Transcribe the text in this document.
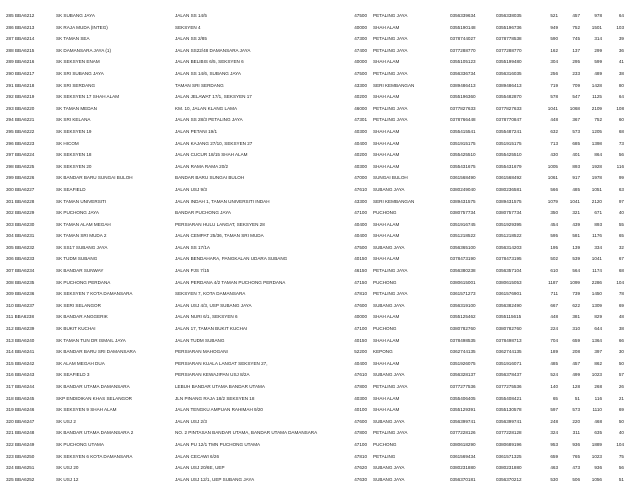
285 BBA6212	SK SUBANG JAYA	JALAN SS 14/5	47500 PETALING JAYA	0356339634	0356338035	521	457	978	64
286 BBA6213	SK RAJA MUDA (INTEG)	SEKSYEN 4	40000 SHAH ALAM	0355190148	0355196736	949	752	1501	103
287 BBA6214	SK TAMAN SEA	JALAN SS 2/85	47300 PETALING JAYA	0378744027	0378778538	590	745	314	39
288 BBA6215	SK DAMANSARA JAYA (1)	JALAN SS22/48 DAMANSARA JAYA	47400 PETALING JAYA	0377288770	0377288770	162	137	299	36
289 BBA6216	SK SEKSYEN ENAM	JALAN BELIBIS 6/5, SEKSYEN 6	40000 SHAH ALAM	0355105123	0355199480	304	295	599	41
290 BBA6217	SK SRI SUBANG JAYA	JALAN SS 14/6, SUBANG JAYA	47500 PETALING JAYA	0356336734	0356316035	256	233	489	38
291 BBA6218	SK SRI SERDANG	TAMAN SRI SERDANG	43300 SERI KEMBANGAN	0389486413	0389486413	719	709	1428	80
292 BBA6219	SK SEKSYEN 17 SHAH ALAM	JALAN JELAWAT 17/1, SEKSYEN 17	40200 SHAH ALAM	0355196360	0355482870	578	547	1125	64
293 BBA6220	SK TAMAN MEDAN	KM. 10, JALAN KLANG LAMA	46000 PETALING JAYA	0377827633	0377827633	1041	1068	2109	108
294 BBA6221	SK SRI KELANA	JALAN SS 28/3 PETALING JAYA	47301 PETALING JAYA	0378766448	0378770847	448	367	752	60
295 BBA6222	SK SEKSYEN 19	JALAN PETANI 19/1	40300 SHAH ALAM	0355415541	0355487241	632	573	1205	68
296 BBA6223	SK HICOM	JALAN KAJANG 27/10, SEKSYEN 27	40400 SHAH ALAM	0351915175	0351915175	713	685	1398	73
297 BBA6224	SK SEKSYEN 18	JALAN CUCUR 18/15 SHAH ALAM	40200 SHAH ALAM	0355425510	0355425510	430	401	864	56
298 BBA6225	SK SEKSYEN 20	JALAN RAMA RAMA 20/2	40300 SHAH ALAM	0355431675	0355431679	1005	893	1928	116
299 BBA6226	SK BANDAR BARU SUNGAI BULOH	BANDAR BARU SUNGAI BULOH	47000 SUNGAI BULOH	0361568490	0361568492	1061	917	1978	99
300 BBA6227	SK SEAFIELD	JALAN USJ 9/3	47610 SUBANG JAYA	0380249040	0380236581	566	485	1051	63
301 BBA6228	SK TAMAN UNIVERSITI	JALAN INDAH 1, TAMAN UNIVERSITI INDAH	43300 SERI KEMBANGAN	0389431575	0389431575	1079	1041	2120	97
302 BBA6229	SK PUCHONG JAYA	BANDAR PUCHONG JAYA	47100 PUCHONG	0380757734	0380757734	350	321	671	40
303 BBA6230	SK TAMAN ALAM MEGAH	PERSIARAN HULU LANGAT, SEKSYEN 28	40400 SHAH ALAM	0351916745	0351929395	454	439	893	55
304 BBA6231	SK TAMAN SRI MUDA 2	JALAN CEMPAT 25/36, TAMAN SRI MUDA	40400 SHAH ALAM	0351218522	0351218522	595	581	1176	65
305 BBA6232	SK SS17 SUBANG JAYA	JALAN SS 17/1A	47500 SUBANG JAYA	0356365100	0356314203	195	139	334	32
306 BBA6233	SK TUDM SUBANG	JALAN BENDAHARA, PANGKALAN UDARA SUBANG	40150 SHAH ALAM	0378473190	0378473195	502	539	1041	67
307 BBA6234	SK BANDAR SUNWAY	JALAN PJS 7/15	46150 PETALING JAYA	0356380238	0356357104	610	564	1174	68
308 BBA6235	SK PUCHONG PERDANA	JALAN PERDANA 4/2 TAMAN PUCHONG PERDANA	47150 PUCHONG	0380615001	0380615053	1187	1099	2286	104
309 BBA6236	SK SEKSYEN 7 KOTA DAMANSARA	SEKSYEN 7, KOTA DAMANSARA	47810 PETALING JAYA	0361571273	0361576901	711	739	1450	78
310 BBA6237	SK SERI SELANGOR	JALAN USJ 4/3, USP SUBANG JAYA	47600 SUBANG JAYA	0356319100	0356382490	667	622	1309	69
311 BBA6238	SK BANDAR ANGGERIK	JALAN NURI 6/1, SEKSYEN 6	40000 SHAH ALAM	0355125462	0355115615	448	381	829	48
312 BBA6239	SK BUKIT KUCHAI	JALAN 17, TAMAN BUKIT KUCHAI	47100 PUCHONG	0380782760	0380782760	224	310	644	38
313 BBA6240	SK TAMAN TUN DR ISMAIL JAYA	JALAN TUDM SUBANG	40150 SHAH ALAM	0378498535	0378498713	704	659	1364	66
314 BBA6241	SK BANDAR BARU SRI DAMANSARA	PERSIARAN MAHOGANI	52200 KEPONG	0362744135	0362744135	189	208	397	30
315 BBA6242	SK ALAM MEGAH DUA	PERSIARAN KUALA LANGAT SEKSYEN 27,	40400 SHAH ALAM	0351926075	0351916071	485	457	862	50
316 BBA6243	SK SEAFIELD 3	PERSIARAN KEWAJIPAN USJ 8/2A	47610 SUBANG JAYA	0356328137	0356378437	524	499	1023	57
317 BBA6244	SK BANDAR UTAMA DAMANSARA	LEBUH BANDAR UTAMA BANDAR UTAMA	47800 PETALING JAYA	0377277536	0377275536	140	128	268	26
318 BBA6245	SKP ENDIDIKAN KHAS SELANGOR	JLN PINANG RAJA 18/2 SEKSYEN 18	40300 SHAH ALAM	0355406405	0355408421	65	51	116	21
319 BBA6246	SK SEKSYEN 9 SHAH ALAM	JALAN TENGKU AMPUAN RAHIMAH 9/20	40100 SHAH ALAM	0355129391	0355130578	597	573	1110	69
320 BBA6247	SK USJ 2	JALAN USJ 2/3	47600 SUBANG JAYA	0356399741	0356399741	248	220	468	50
321 BBA6248	SK BANDAR UTAMA DAMANSARA 2	NO. 2 PINTASAN BANDAR UTAMA, BANDAR UTAMA DAMANSARA	47800 PETALING JAYA	0377228126	0377228128	324	311	635	40
322 BBA6249	SK PUCHONG UTAMA	JALAN PU 12/1 TMN PUCHONG UTAMA	47100 PUCHONG	0380618290	0380689196	953	936	1889	104
323 BBA6250	SK SEKSYEN 6 KOTA DAMANSARA	JALAN CECAWI 6/26	47810 PETALING	0361569434	0361571325	659	765	1023	75
324 BBA6251	SK USJ 20	JALAN USJ 20/6E, UEP	47620 SUBANG JAYA	0380231880	0380231880	463	473	936	56
325 BBA6252	SK USJ 12	JALAN USJ 12/1, UEP SUBANG JAYA	47630 SUBANG JAYA	0356370181	0356370212	530	506	1056	51
